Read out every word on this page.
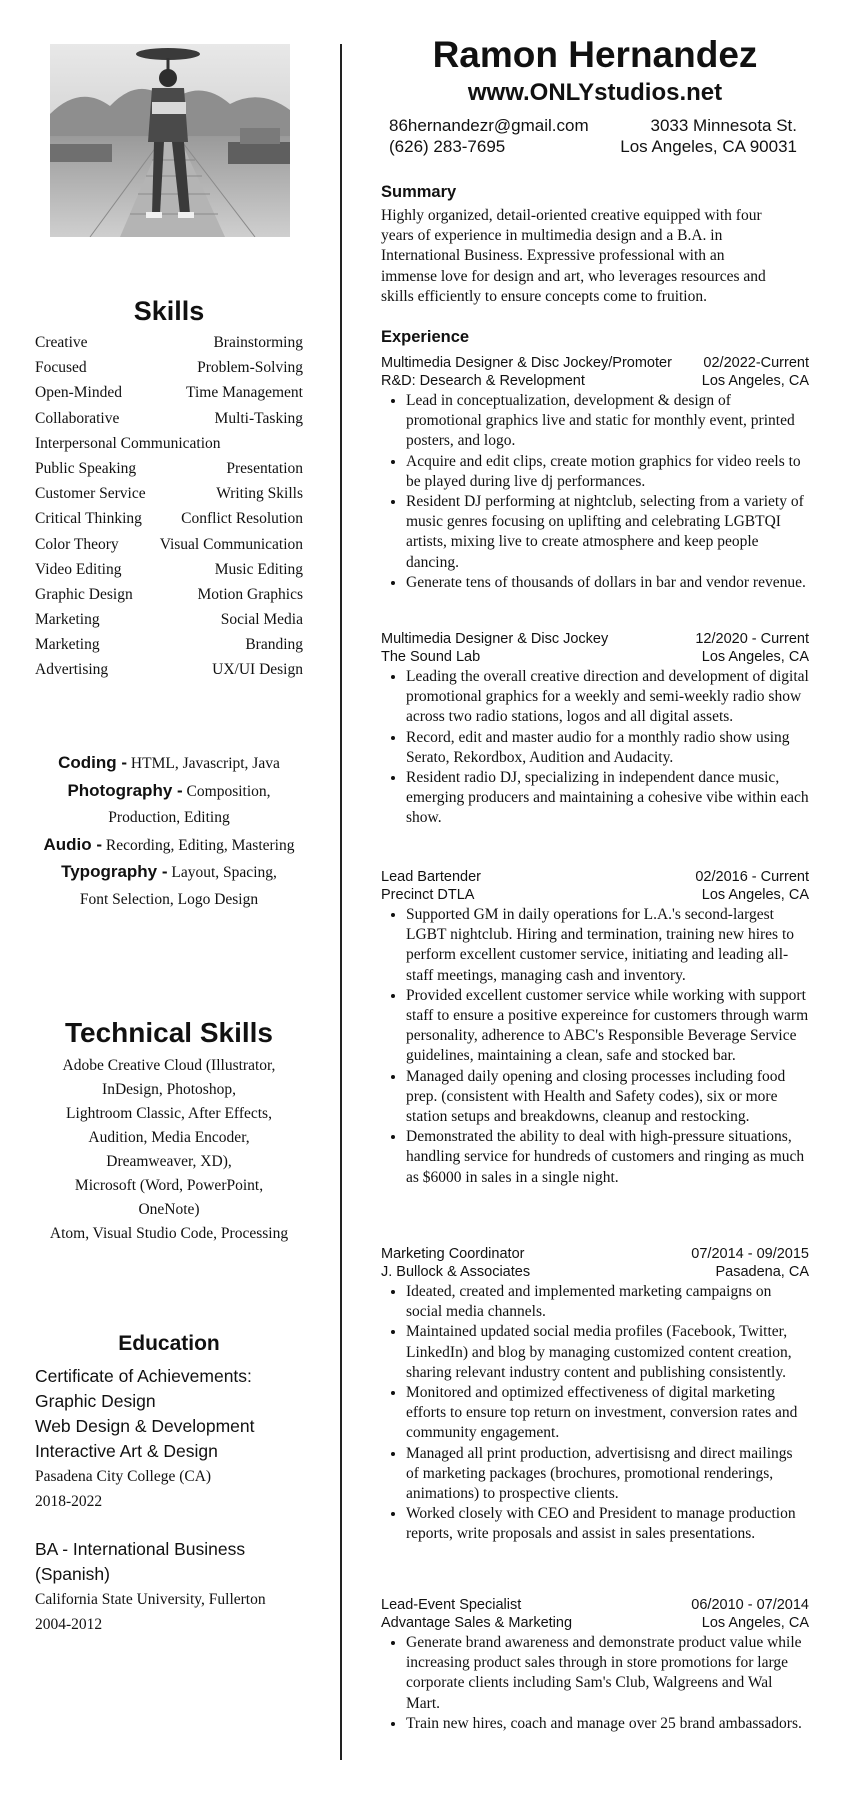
Skills
Creative	Brainstorming
Focused	Problem-Solving
Open-Minded	Time Management
Collaborative	Multi-Tasking
Interpersonal Communication
Public Speaking	Presentation
Customer Service	Writing Skills
Critical Thinking	Conflict Resolution
Color Theory	Visual Communication
Video Editing	Music Editing
Graphic Design	Motion Graphics
Marketing	Social Media
Marketing	Branding
Advertising	UX/UI Design
Coding - HTML, Javascript, Java
Photography - Composition,
Production, Editing
Audio - Recording, Editing, Mastering
Typography - Layout, Spacing,
Font Selection, Logo Design
Technical Skills
Adobe Creative Cloud (Illustrator,
InDesign, Photoshop,
Lightroom Classic, After Effects,
Audition, Media Encoder,
Dreamweaver, XD),
Microsoft (Word, PowerPoint,
OneNote)
Atom, Visual Studio Code, Processing
Education
Certificate of Achievements:
Graphic Design
Web Design & Development
Interactive Art & Design
Pasadena City College (CA)
2018-2022
BA - International Business
(Spanish)
California State University, Fullerton
2004-2012
Ramon Hernandez
www.ONLYstudios.net
86hernandezr@gmail.com	3033 Minnesota St.
(626) 283-7695	Los Angeles, CA 90031
Summary
Highly organized, detail-oriented creative equipped with four
years of experience in multimedia design and a B.A. in
International Business. Expressive professional with an
immense love for design and art, who leverages resources and
skills efficiently to ensure concepts come to fruition.
Experience
Multimedia Designer & Disc Jockey/Promoter 02/2022-Current
R&D: Desearch & Revelopment	Los Angeles, CA
• Lead in conceptualization, development & design of promotional graphics live and static for monthly event, printed posters, and logo.
• Acquire and edit clips, create motion graphics for video reels to be played during live dj performances.
• Resident DJ performing at nightclub, selecting from a variety of music genres focusing on uplifting and celebrating LGBTQI artists, mixing live to create atmosphere and keep people dancing.
• Generate tens of thousands of dollars in bar and vendor revenue.
Multimedia Designer & Disc Jockey	12/2020 - Current
The Sound Lab	Los Angeles, CA
• Leading the overall creative direction and development of digital promotional graphics for a weekly and semi-weekly radio show across two radio stations, logos and all digital assets.
• Record, edit and master audio for a monthly radio show using Serato, Rekordbox, Audition and Audacity.
• Resident radio DJ, specializing in independent dance music, emerging producers and maintaining a cohesive vibe within each show.
Lead Bartender	02/2016 - Current
Precinct DTLA	Los Angeles, CA
• Supported GM in daily operations for L.A.'s second-largest LGBT nightclub. Hiring and termination, training new hires to perform excellent customer service, initiating and leading all-staff meetings, managing cash and inventory.
• Provided excellent customer service while working with support staff to ensure a positive expereince for customers through warm personality, adherence to ABC's Responsible Beverage Service guidelines, maintaining a clean, safe and stocked bar.
• Managed daily opening and closing processes including food prep. (consistent with Health and Safety codes), six or more station setups and breakdowns, cleanup and restocking.
• Demonstrated the ability to deal with high-pressure situations, handling service for hundreds of customers and ringing as much as $6000 in sales in a single night.
Marketing Coordinator	07/2014 - 09/2015
J. Bullock & Associates	Pasadena, CA
• Ideated, created and implemented marketing campaigns on social media channels.
• Maintained updated social media profiles (Facebook, Twitter, LinkedIn) and blog by managing customized content creation, sharing relevant industry content and publishing consistently.
• Monitored and optimized effectiveness of digital marketing efforts to ensure top return on investment, conversion rates and community engagement.
• Managed all print production, advertisisng and direct mailings of marketing packages (brochures, promotional renderings, animations) to prospective clients.
• Worked closely with CEO and President to manage production reports, write proposals and assist in sales presentations.
Lead-Event Specialist	06/2010 - 07/2014
Advantage Sales & Marketing	Los Angeles, CA
• Generate brand awareness and demonstrate product value while increasing product sales through in store promotions for large corporate clients including Sam's Club, Walgreens and Wal Mart.
• Train new hires, coach and manage over 25 brand ambassadors.
